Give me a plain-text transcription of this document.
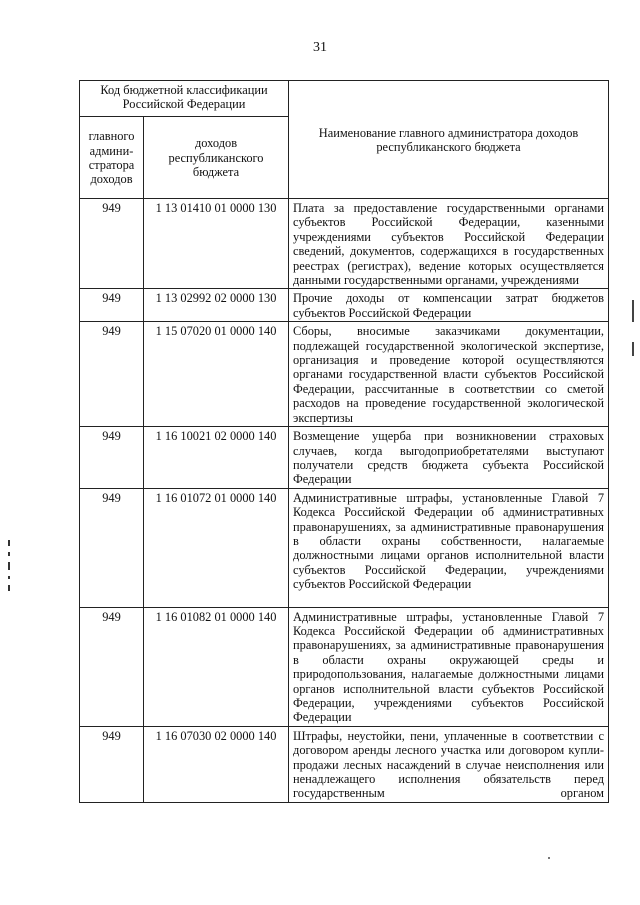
31
Код бюджетной классификации Российской Федерации		Наименование главного администратора доходов республиканского бюджета
главного админи-стратора доходов	доходов республиканского бюджета	
949	1 13 01410 01 0000 130	Плата за предоставление государственными органами субъектов Российской Федерации, казенными учреждениями субъектов Российской Федерации сведений, документов, содержащихся в государственных реестрах (регистрах), ведение которых осуществляется данными государственными органами, учреждениями
949	1 13 02992 02 0000 130	Прочие доходы от компенсации затрат бюджетов субъектов Российской Федерации
949	1 15 07020 01 0000 140	Сборы, вносимые заказчиками документации, подлежащей государственной экологической экспертизе, организация и проведение которой осуществляются органами государственной власти субъектов Российской Федерации, рассчитанные в соответствии со сметой расходов на проведение государственной экологической экспертизы
949	1 16 10021 02 0000 140	Возмещение ущерба при возникновении страховых случаев, когда выгодоприобретателями выступают получатели средств бюджета субъекта Российской Федерации
949	1 16 01072 01 0000 140	Административные штрафы, установленные Главой 7 Кодекса Российской Федерации об административных правонарушениях, за административные правонарушения в области охраны собственности, налагаемые должностными лицами органов исполнительной власти субъектов Российской Федерации, учреждениями субъектов Российской Федерации
949	1 16 01082 01 0000 140	Административные штрафы, установленные Главой 7 Кодекса Российской Федерации об административных правонарушениях, за административные правонарушения в области охраны окружающей среды и природопользования, налагаемые должностными лицами органов исполнительной власти субъектов Российской Федерации, учреждениями субъектов Российской Федерации
949	1 16 07030 02 0000 140	Штрафы, неустойки, пени, уплаченные в соответствии с договором аренды лесного участка или договором купли-продажи лесных насаждений в случае неисполнения или ненадлежащего исполнения обязательств перед государственным органом
